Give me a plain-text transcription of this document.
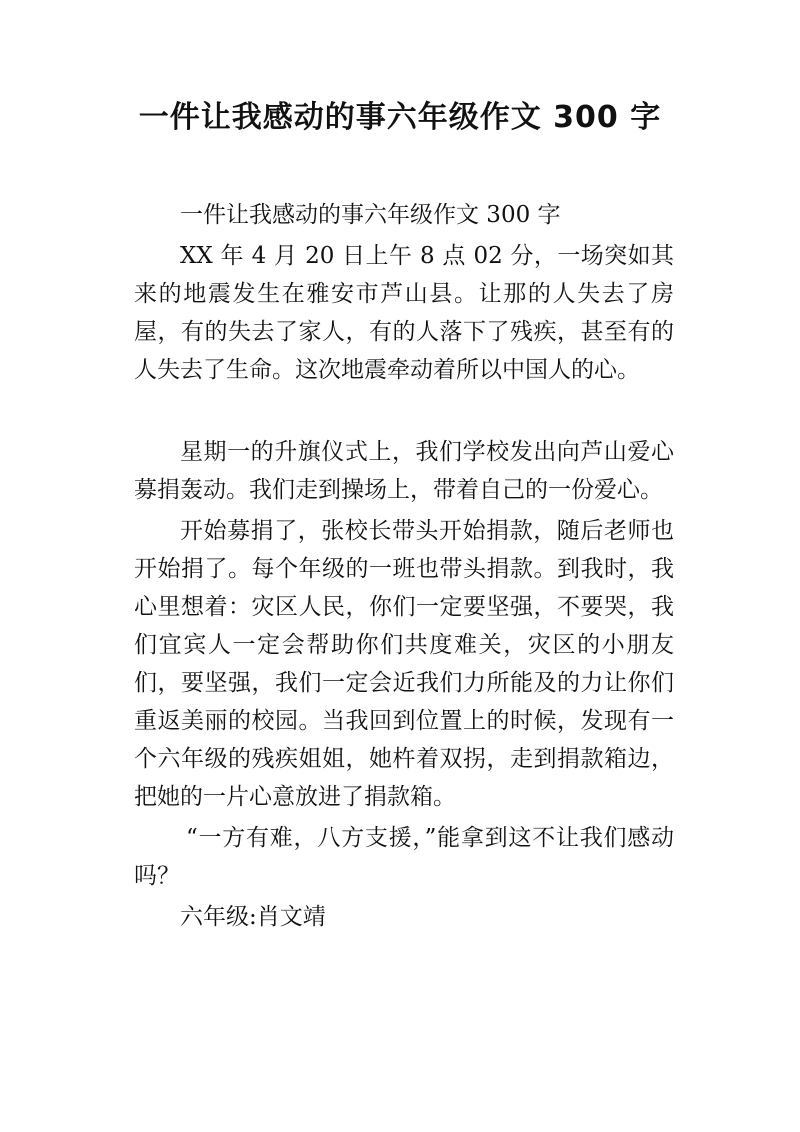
一件让我感动的事六年级作文 300 字

一件让我感动的事六年级作文 300 字

XX 年 4 月 20 日上午 8 点 02 分，一场突如其来的地震发生在雅安市芦山县。让那的人失去了房屋，有的失去了家人，有的人落下了残疾，甚至有的人失去了生命。这次地震牵动着所以中国人的心。

星期一的升旗仪式上，我们学校发出向芦山爱心募捐轰动。我们走到操场上，带着自己的一份爱心。

开始募捐了，张校长带头开始捐款，随后老师也开始捐了。每个年级的一班也带头捐款。到我时，我心里想着：灾区人民，你们一定要坚强，不要哭，我们宜宾人一定会帮助你们共度难关，灾区的小朋友们，要坚强，我们一定会近我们力所能及的力让你们重返美丽的校园。当我回到位置上的时候，发现有一个六年级的残疾姐姐，她杵着双拐，走到捐款箱边，把她的一片心意放进了捐款箱。

“一方有难，八方支援，”能拿到这不让我们感动吗？

六年级:肖文靖
